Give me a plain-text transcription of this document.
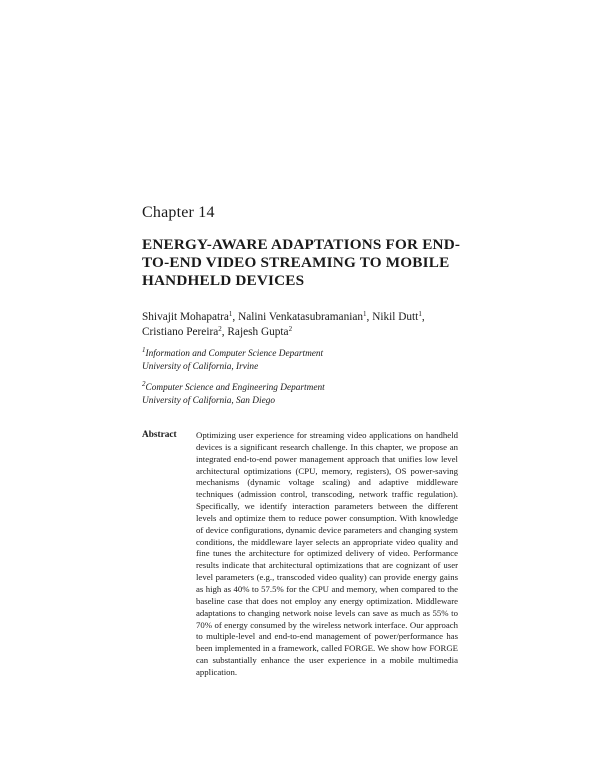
Chapter 14
ENERGY-AWARE ADAPTATIONS FOR END-
TO-END VIDEO STREAMING TO MOBILE
HANDHELD DEVICES
Shivajit Mohapatra$^1$, Nalini Venkatasubramanian$^1$, Nikil Dutt$^1$,
Cristiano Pereira$^2$, Rajesh Gupta$^2$
$^1$Information and Computer Science Department
University of California, Irvine
$^2$Computer Science and Engineering Department
University of California, San Diego
Abstract Optimizing user experience for streaming video applications on handheld devices is a significant research challenge. In this chapter, we propose an integrated end-to-end power management approach that unifies low level architectural optimizations (CPU, memory, registers), OS power-saving mechanisms (dynamic voltage scaling) and adaptive middleware techniques (admission control, transcoding, network traffic regulation). Specifically, we identify interaction parameters between the different levels and optimize them to reduce power consumption. With knowledge of device configurations, dynamic device parameters and changing system conditions, the middleware layer selects an appropriate video quality and fine tunes the architecture for optimized delivery of video. Performance results indicate that architectural optimizations that are cognizant of user level parameters (e.g., transcoded video quality) can provide energy gains as high as 40% to 57.5% for the CPU and memory, when compared to the baseline case that does not employ any energy optimization. Middleware adaptations to changing network noise levels can save as much as 55% to 70% of energy consumed by the wireless network interface. Our approach to multiple-level and end-to-end management of power/performance has been implemented in a framework, called FORGE. We show how FORGE can substantially enhance the user experience in a mobile multimedia application.
